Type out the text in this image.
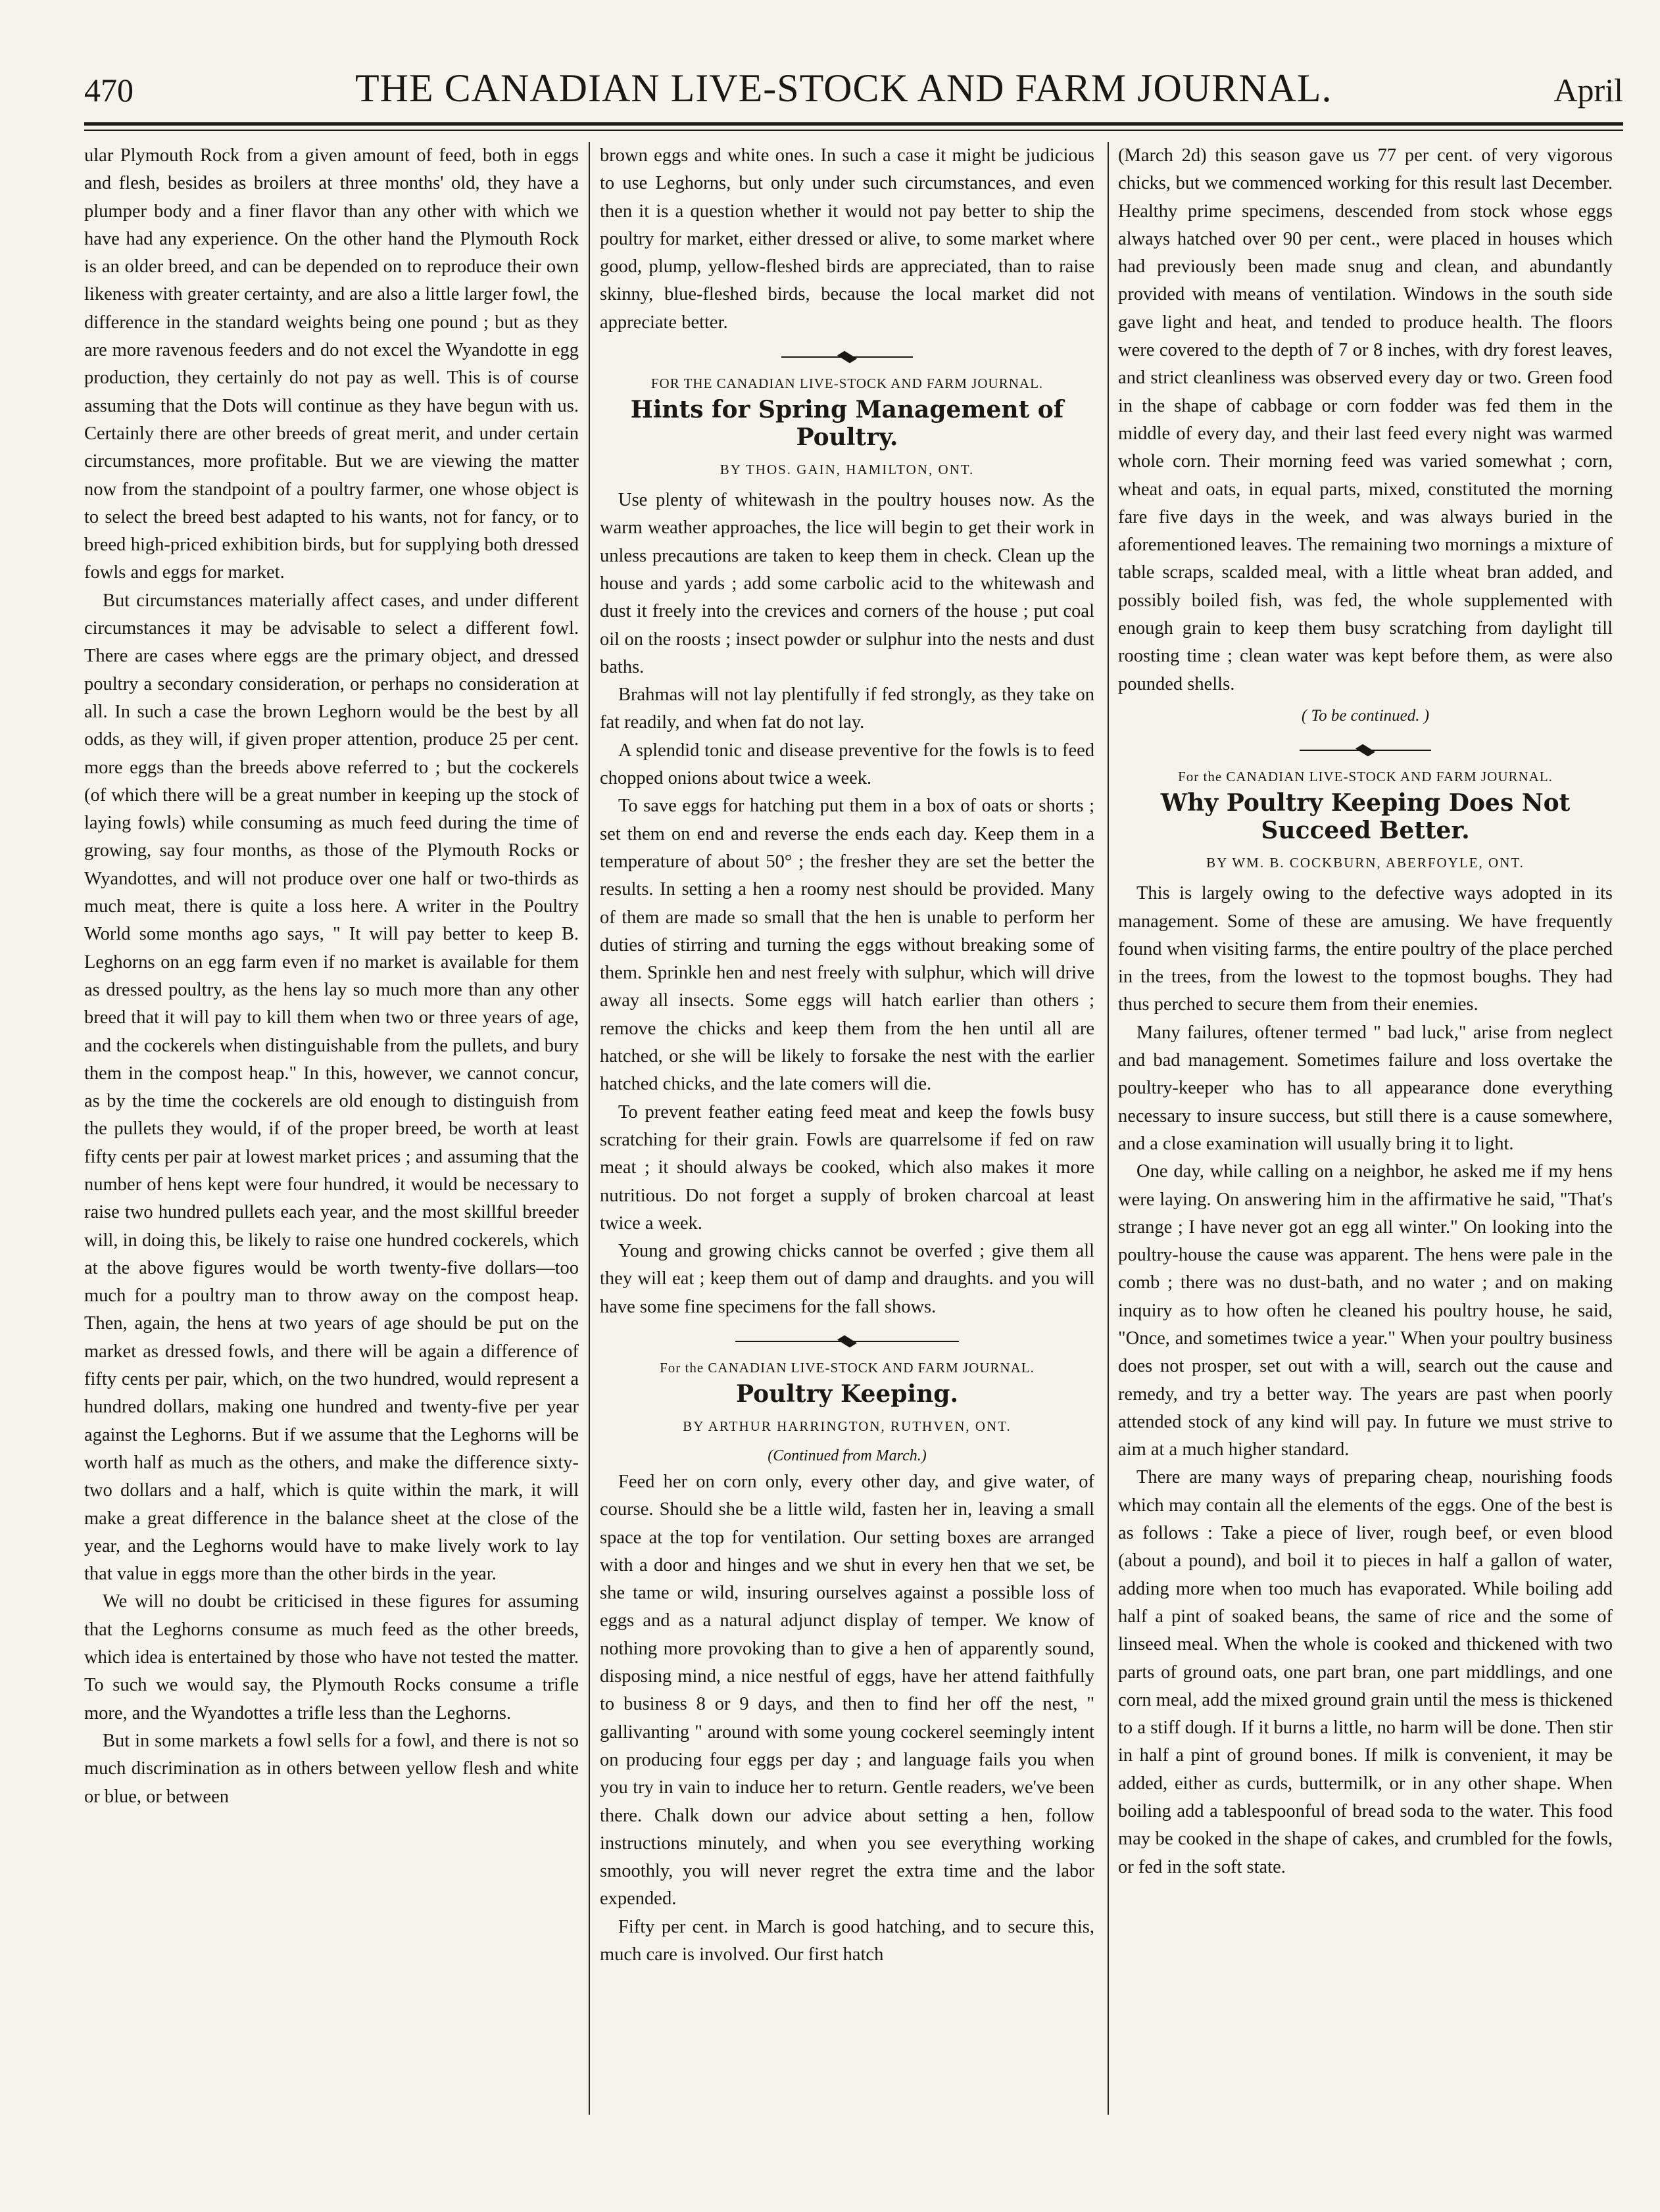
470	THE CANADIAN LIVE-STOCK AND FARM JOURNAL.	April

ular Plymouth Rock from a given amount of feed, both in eggs and flesh, besides as broilers at three months' old, they have a plumper body and a finer flavor than any other with which we have had any experience. On the other hand the Plymouth Rock is an older breed, and can be depended on to reproduce their own likeness with greater certainty, and are also a little larger fowl, the difference in the standard weights being one pound ; but as they are more ravenous feeders and do not excel the Wyandotte in egg production, they certainly do not pay as well. This is of course assuming that the Dots will continue as they have begun with us. Certainly there are other breeds of great merit, and under certain circumstances, more profitable. But we are viewing the matter now from the standpoint of a poultry farmer, one whose object is to select the breed best adapted to his wants, not for fancy, or to breed high-priced exhibition birds, but for supplying both dressed fowls and eggs for market.

But circumstances materially affect cases, and under different circumstances it may be advisable to select a different fowl. There are cases where eggs are the primary object, and dressed poultry a secondary consideration, or perhaps no consideration at all. In such a case the brown Leghorn would be the best by all odds, as they will, if given proper attention, produce 25 per cent. more eggs than the breeds above referred to ; but the cockerels (of which there will be a great number in keeping up the stock of laying fowls) while consuming as much feed during the time of growing, say four months, as those of the Plymouth Rocks or Wyandottes, and will not produce over one half or two-thirds as much meat, there is quite a loss here. A writer in the Poultry World some months ago says, " It will pay better to keep B. Leghorns on an egg farm even if no market is available for them as dressed poultry, as the hens lay so much more than any other breed that it will pay to kill them when two or three years of age, and the cockerels when distinguishable from the pullets, and bury them in the compost heap." In this, however, we cannot concur, as by the time the cockerels are old enough to distinguish from the pullets they would, if of the proper breed, be worth at least fifty cents per pair at lowest market prices ; and assuming that the number of hens kept were four hundred, it would be necessary to raise two hundred pullets each year, and the most skillful breeder will, in doing this, be likely to raise one hundred cockerels, which at the above figures would be worth twenty-five dollars—too much for a poultry man to throw away on the compost heap. Then, again, the hens at two years of age should be put on the market as dressed fowls, and there will be again a difference of fifty cents per pair, which, on the two hundred, would represent a hundred dollars, making one hundred and twenty-five per year against the Leghorns. But if we assume that the Leghorns will be worth half as much as the others, and make the difference sixty-two dollars and a half, which is quite within the mark, it will make a great difference in the balance sheet at the close of the year, and the Leghorns would have to make lively work to lay that value in eggs more than the other birds in the year.

We will no doubt be criticised in these figures for assuming that the Leghorns consume as much feed as the other breeds, which idea is entertained by those who have not tested the matter. To such we would say, the Plymouth Rocks consume a trifle more, and the Wyandottes a trifle less than the Leghorns.

But in some markets a fowl sells for a fowl, and there is not so much discrimination as in others between yellow flesh and white or blue, or between

brown eggs and white ones. In such a case it might be judicious to use Leghorns, but only under such circumstances, and even then it is a question whether it would not pay better to ship the poultry for market, either dressed or alive, to some market where good, plump, yellow-fleshed birds are appreciated, than to raise skinny, blue-fleshed birds, because the local market did not appreciate better.

FOR THE CANADIAN LIVE-STOCK AND FARM JOURNAL.

Hints for Spring Management of Poultry.

BY THOS. GAIN, HAMILTON, ONT.

Use plenty of whitewash in the poultry houses now. As the warm weather approaches, the lice will begin to get their work in unless precautions are taken to keep them in check. Clean up the house and yards ; add some carbolic acid to the whitewash and dust it freely into the crevices and corners of the house ; put coal oil on the roosts ; insect powder or sulphur into the nests and dust baths.

Brahmas will not lay plentifully if fed strongly, as they take on fat readily, and when fat do not lay.

A splendid tonic and disease preventive for the fowls is to feed chopped onions about twice a week.

To save eggs for hatching put them in a box of oats or shorts ; set them on end and reverse the ends each day. Keep them in a temperature of about 50° ; the fresher they are set the better the results. In setting a hen a roomy nest should be provided. Many of them are made so small that the hen is unable to perform her duties of stirring and turning the eggs without breaking some of them. Sprinkle hen and nest freely with sulphur, which will drive away all insects. Some eggs will hatch earlier than others ; remove the chicks and keep them from the hen until all are hatched, or she will be likely to forsake the nest with the earlier hatched chicks, and the late comers will die.

To prevent feather eating feed meat and keep the fowls busy scratching for their grain. Fowls are quarrelsome if fed on raw meat ; it should always be cooked, which also makes it more nutritious. Do not forget a supply of broken charcoal at least twice a week.

Young and growing chicks cannot be overfed ; give them all they will eat ; keep them out of damp and draughts. and you will have some fine specimens for the fall shows.

For the CANADIAN LIVE-STOCK AND FARM JOURNAL.

Poultry Keeping.

BY ARTHUR HARRINGTON, RUTHVEN, ONT.

(Continued from March.)

Feed her on corn only, every other day, and give water, of course. Should she be a little wild, fasten her in, leaving a small space at the top for ventilation. Our setting boxes are arranged with a door and hinges and we shut in every hen that we set, be she tame or wild, insuring ourselves against a possible loss of eggs and as a natural adjunct display of temper. We know of nothing more provoking than to give a hen of apparently sound, disposing mind, a nice nestful of eggs, have her attend faithfully to business 8 or 9 days, and then to find her off the nest, " gallivanting " around with some young cockerel seemingly intent on producing four eggs per day ; and language fails you when you try in vain to induce her to return. Gentle readers, we've been there. Chalk down our advice about setting a hen, follow instructions minutely, and when you see everything working smoothly, you will never regret the extra time and the labor expended.

Fifty per cent. in March is good hatching, and to secure this, much care is involved. Our first hatch

(March 2d) this season gave us 77 per cent. of very vigorous chicks, but we commenced working for this result last December. Healthy prime specimens, descended from stock whose eggs always hatched over 90 per cent., were placed in houses which had previously been made snug and clean, and abundantly provided with means of ventilation. Windows in the south side gave light and heat, and tended to produce health. The floors were covered to the depth of 7 or 8 inches, with dry forest leaves, and strict cleanliness was observed every day or two. Green food in the shape of cabbage or corn fodder was fed them in the middle of every day, and their last feed every night was warmed whole corn. Their morning feed was varied somewhat ; corn, wheat and oats, in equal parts, mixed, constituted the morning fare five days in the week, and was always buried in the aforementioned leaves. The remaining two mornings a mixture of table scraps, scalded meal, with a little wheat bran added, and possibly boiled fish, was fed, the whole supplemented with enough grain to keep them busy scratching from daylight till roosting time ; clean water was kept before them, as were also pounded shells.

( To be continued. )

For the CANADIAN LIVE-STOCK AND FARM JOURNAL.

Why Poultry Keeping Does Not Succeed Better.

BY WM. B. COCKBURN, ABERFOYLE, ONT.

This is largely owing to the defective ways adopted in its management. Some of these are amusing. We have frequently found when visiting farms, the entire poultry of the place perched in the trees, from the lowest to the topmost boughs. They had thus perched to secure them from their enemies.

Many failures, oftener termed " bad luck," arise from neglect and bad management. Sometimes failure and loss overtake the poultry-keeper who has to all appearance done everything necessary to insure success, but still there is a cause somewhere, and a close examination will usually bring it to light.

One day, while calling on a neighbor, he asked me if my hens were laying. On answering him in the affirmative he said, "That's strange ; I have never got an egg all winter." On looking into the poultry-house the cause was apparent. The hens were pale in the comb ; there was no dust-bath, and no water ; and on making inquiry as to how often he cleaned his poultry house, he said, "Once, and sometimes twice a year." When your poultry business does not prosper, set out with a will, search out the cause and remedy, and try a better way. The years are past when poorly attended stock of any kind will pay. In future we must strive to aim at a much higher standard.

There are many ways of preparing cheap, nourishing foods which may contain all the elements of the eggs. One of the best is as follows : Take a piece of liver, rough beef, or even blood (about a pound), and boil it to pieces in half a gallon of water, adding more when too much has evaporated. While boiling add half a pint of soaked beans, the same of rice and the some of linseed meal. When the whole is cooked and thickened with two parts of ground oats, one part bran, one part middlings, and one corn meal, add the mixed ground grain until the mess is thickened to a stiff dough. If it burns a little, no harm will be done. Then stir in half a pint of ground bones. If milk is convenient, it may be added, either as curds, buttermilk, or in any other shape. When boiling add a tablespoonful of bread soda to the water. This food may be cooked in the shape of cakes, and crumbled for the fowls, or fed in the soft state.
